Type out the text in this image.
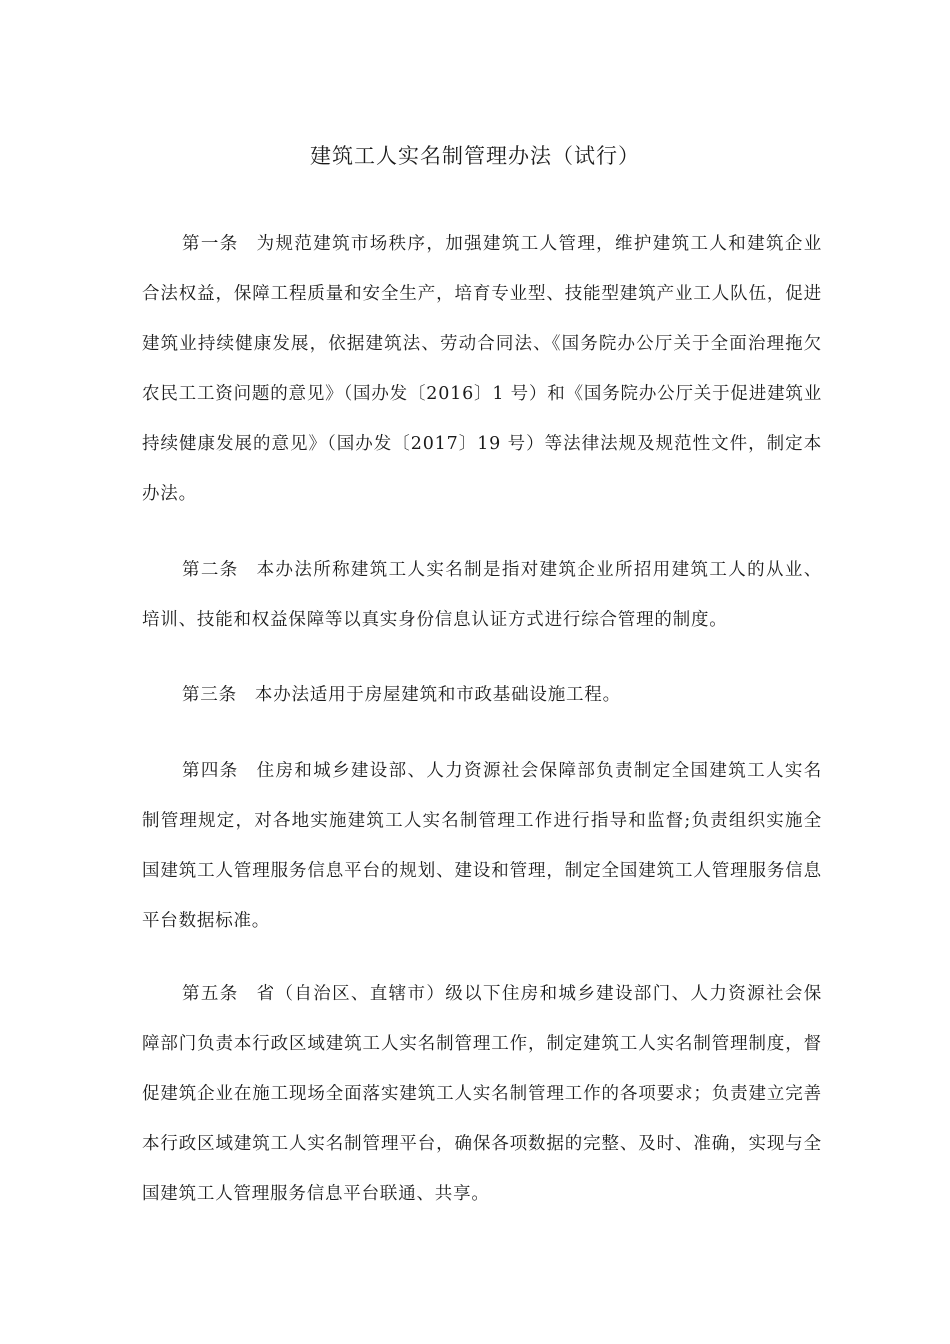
建筑工人实名制管理办法（试行）

第一条 为规范建筑市场秩序，加强建筑工人管理，维护建筑工人和建筑企业合法权益，保障工程质量和安全生产，培育专业型、技能型建筑产业工人队伍，促进建筑业持续健康发展，依据建筑法、劳动合同法、《国务院办公厅关于全面治理拖欠农民工工资问题的意见》（国办发〔2016〕1 号）和《国务院办公厅关于促进建筑业持续健康发展的意见》（国办发〔2017〕19 号）等法律法规及规范性文件，制定本办法。

第二条 本办法所称建筑工人实名制是指对建筑企业所招用建筑工人的从业、培训、技能和权益保障等以真实身份信息认证方式进行综合管理的制度。

第三条 本办法适用于房屋建筑和市政基础设施工程。

第四条 住房和城乡建设部、人力资源社会保障部负责制定全国建筑工人实名制管理规定，对各地实施建筑工人实名制管理工作进行指导和监督;负责组织实施全国建筑工人管理服务信息平台的规划、建设和管理，制定全国建筑工人管理服务信息平台数据标准。

第五条 省（自治区、直辖市）级以下住房和城乡建设部门、人力资源社会保障部门负责本行政区域建筑工人实名制管理工作，制定建筑工人实名制管理制度，督促建筑企业在施工现场全面落实建筑工人实名制管理工作的各项要求；负责建立完善本行政区域建筑工人实名制管理平台，确保各项数据的完整、及时、准确，实现与全国建筑工人管理服务信息平台联通、共享。
